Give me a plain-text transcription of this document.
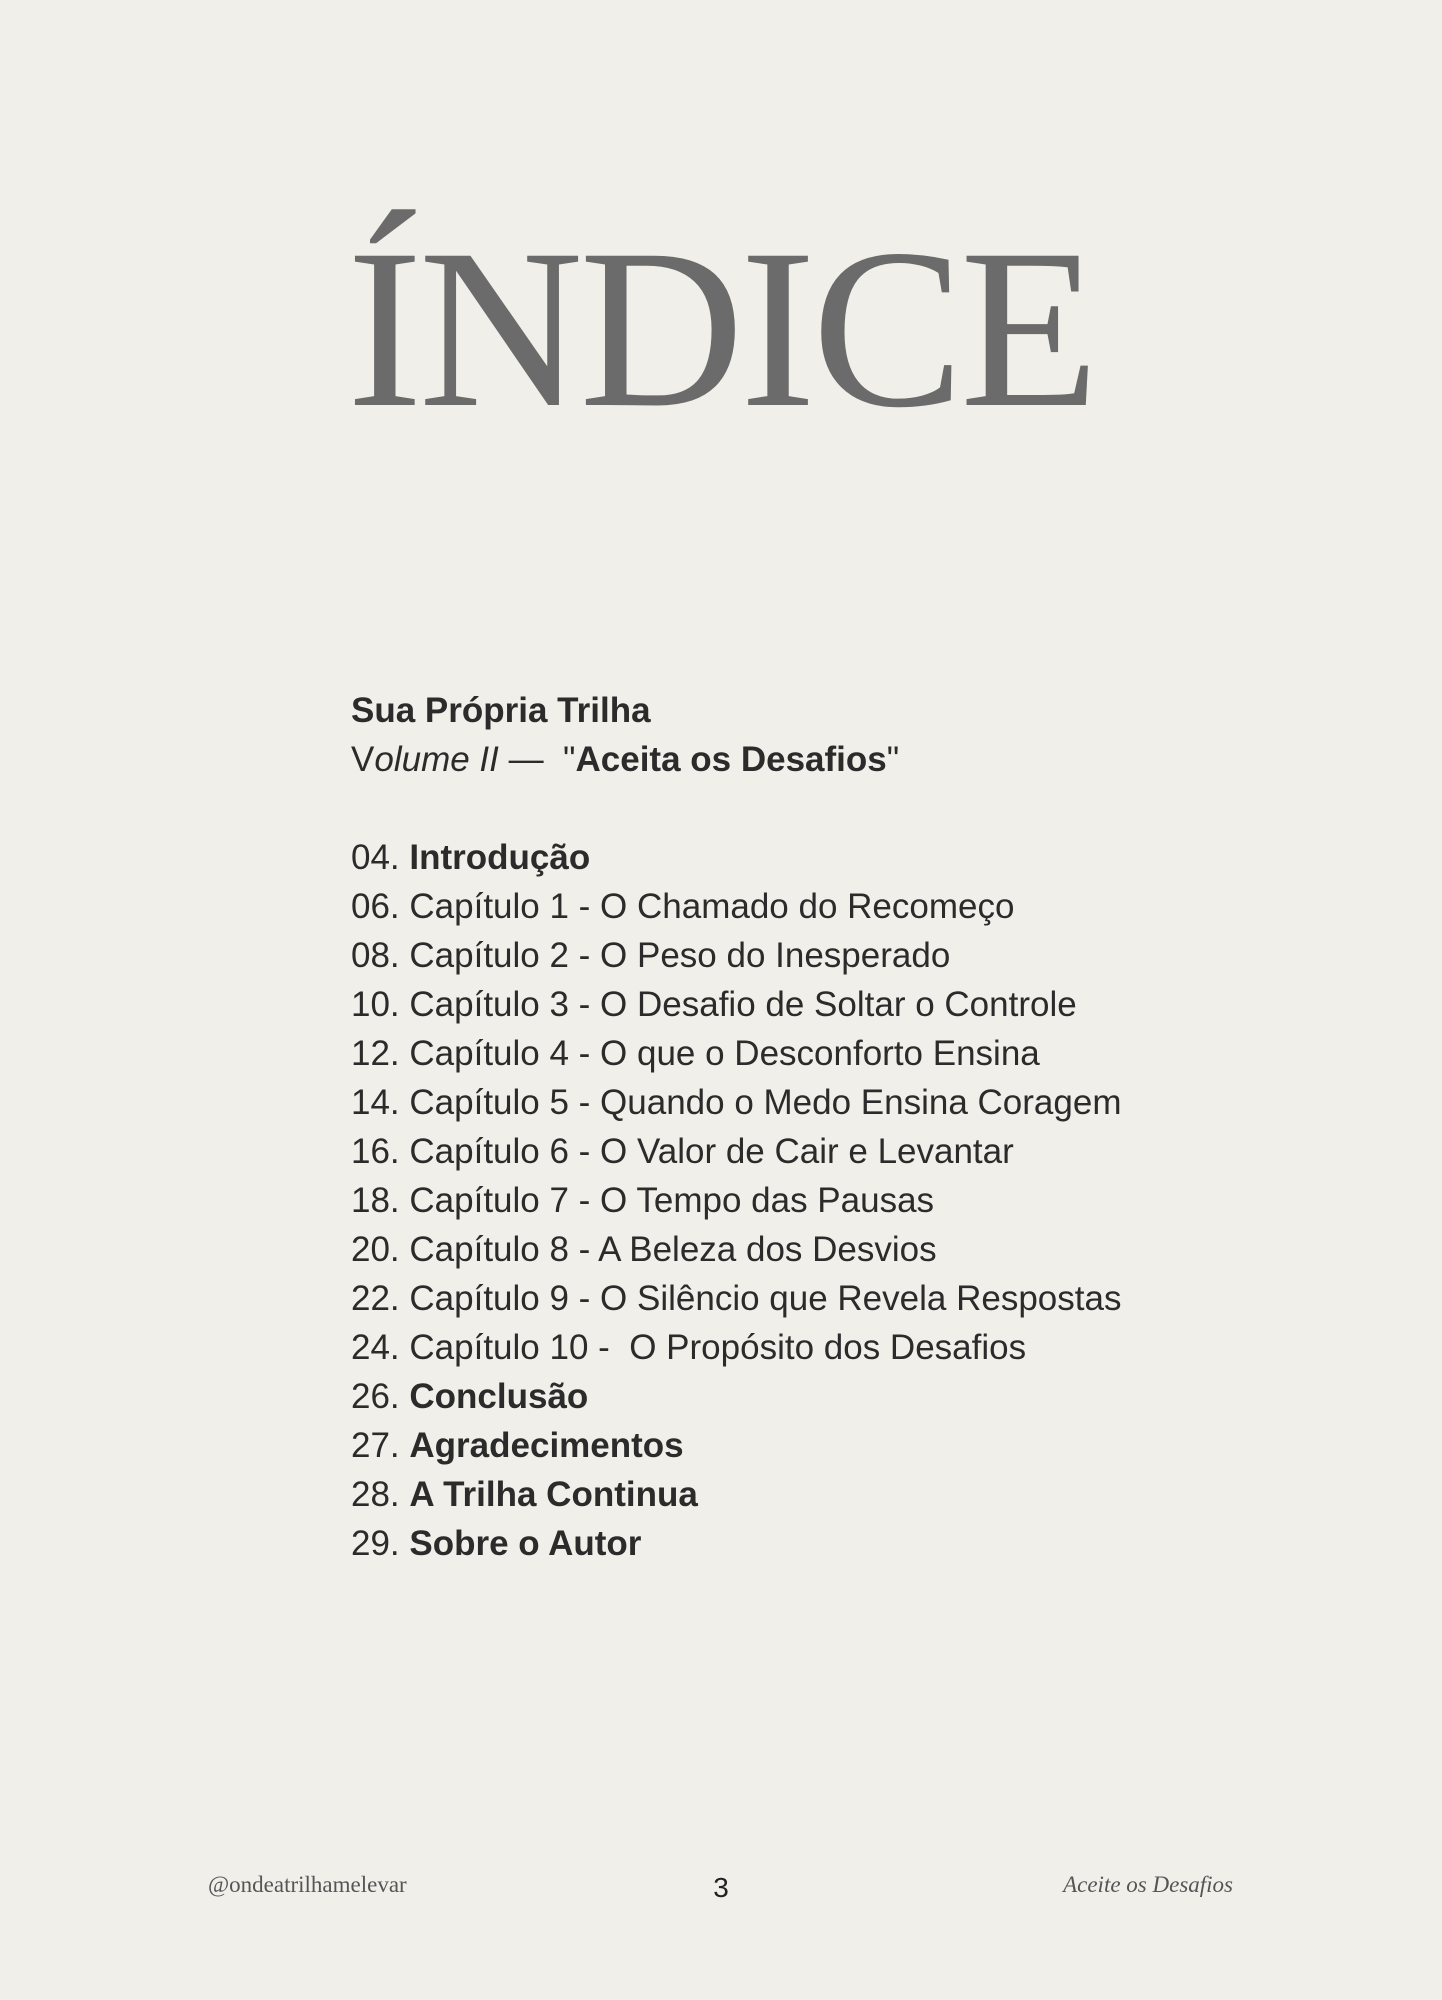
ÍNDICE
Sua Própria Trilha
Volume II —  "Aceita os Desafios"
04. Introdução
06. Capítulo 1 - O Chamado do Recomeço
08. Capítulo 2 - O Peso do Inesperado
10. Capítulo 3 - O Desafio de Soltar o Controle
12. Capítulo 4 - O que o Desconforto Ensina
14. Capítulo 5 - Quando o Medo Ensina Coragem
16. Capítulo 6 - O Valor de Cair e Levantar
18. Capítulo 7 - O Tempo das Pausas
20. Capítulo 8 - A Beleza dos Desvios
22. Capítulo 9 - O Silêncio que Revela Respostas
24. Capítulo 10 -  O Propósito dos Desafios
26. Conclusão
27. Agradecimentos
28. A Trilha Continua
29. Sobre o Autor
@ondeatrilhamelevar	3	Aceite os Desafios
